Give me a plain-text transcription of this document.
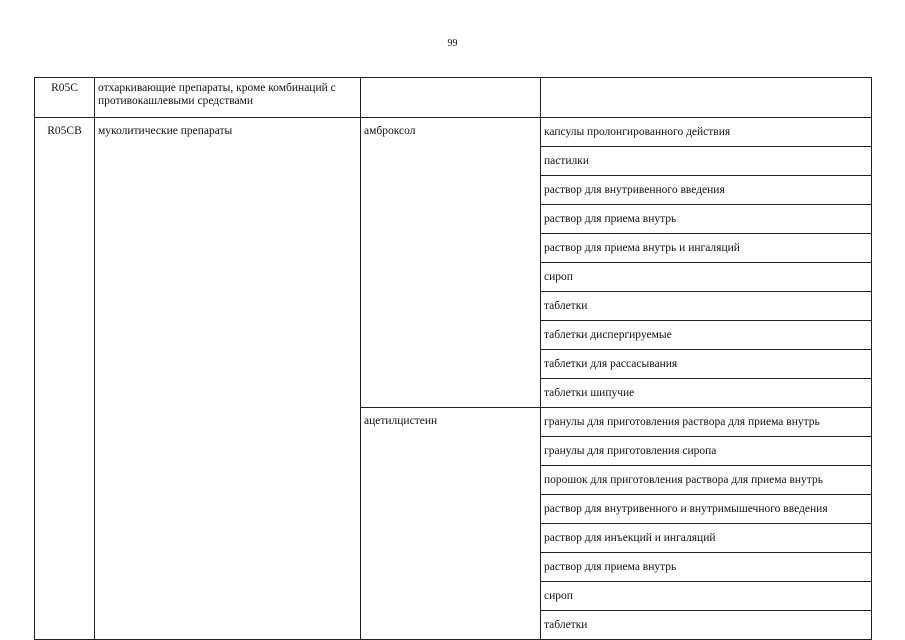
99
R05C	отхаркивающие препараты, кроме комбинаций с противокашлевыми средствами		
R05CB	муколитические препараты	амброксол	капсулы пролонгированного действия
			пастилки
			раствор для внутривенного введения
			раствор для приема внутрь
			раствор для приема внутрь и ингаляций
			сироп
			таблетки
			таблетки диспергируемые
			таблетки для рассасывания
			таблетки шипучие
		ацетилцистеин	гранулы для приготовления раствора для приема внутрь
			гранулы для приготовления сиропа
			порошок для приготовления раствора для приема внутрь
			раствор для внутривенного и внутримышечного введения
			раствор для инъекций и ингаляций
			раствор для приема внутрь
			сироп
			таблетки
